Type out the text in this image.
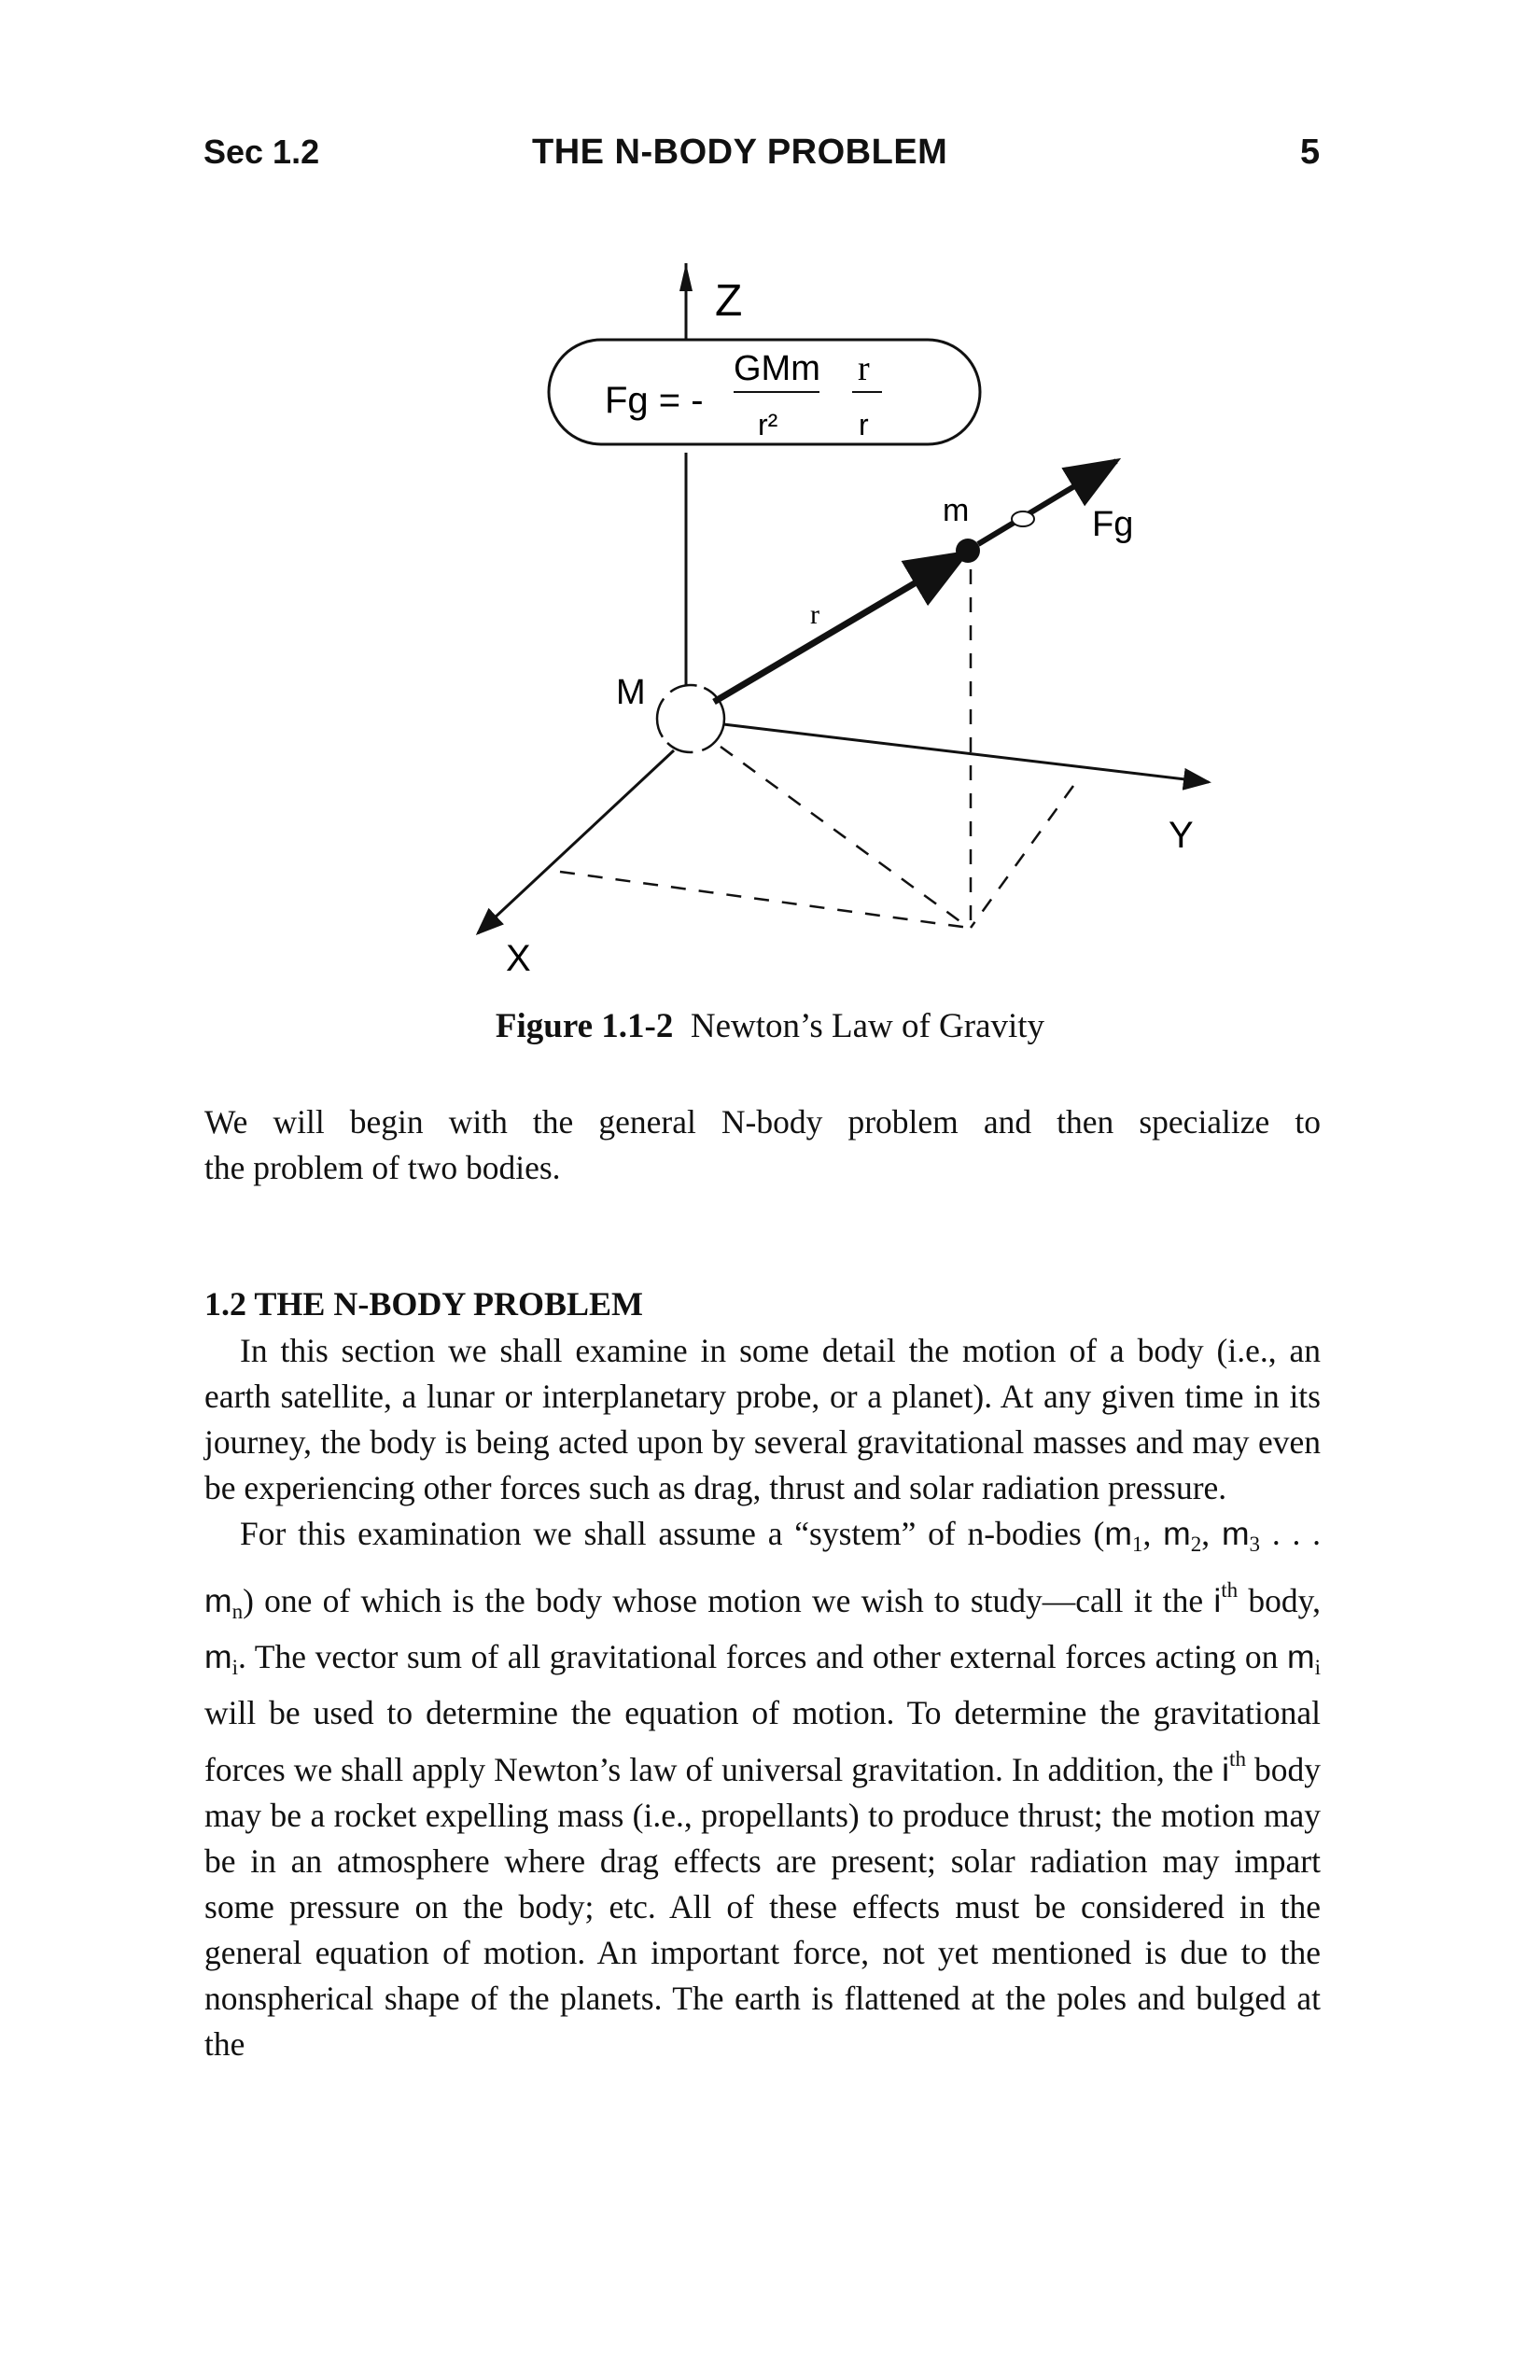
Sec 1.2	THE N-BODY PROBLEM	5
Z
Fg = -
GMm
r²
r
r
Y
X
M
r
m	Fg
Figure 1.1-2 Newton’s Law of Gravity
We will begin with the general N-body problem and then specialize to
the problem of two bodies.
1.2 THE N-BODY PROBLEM

In this section we shall examine in some detail the motion of a body (i.e., an earth satellite, a lunar or interplanetary probe, or a planet). At any given time in its journey, the body is being acted upon by several gravitational masses and may even be experiencing other forces such as drag, thrust and solar radiation pressure.

For this examination we shall assume a “system” of n-bodies ($m_1$, $m_2$, $m_3$ . . . $m_n$) one of which is the body whose motion we wish to study—call it the $i^{th}$ body, $m_i$. The vector sum of all gravitational forces and other external forces acting on $m_i$ will be used to determine the equation of motion. To determine the gravitational forces we shall apply Newton’s law of universal gravitation. In addition, the $i^{th}$ body may be a rocket expelling mass (i.e., propellants) to produce thrust; the motion may be in an atmosphere where drag effects are present; solar radiation may impart some pressure on the body; etc. All of these effects must be considered in the general equation of motion. An important force, not yet mentioned is due to the nonspherical shape of the planets. The earth is flattened at the poles and bulged at the
